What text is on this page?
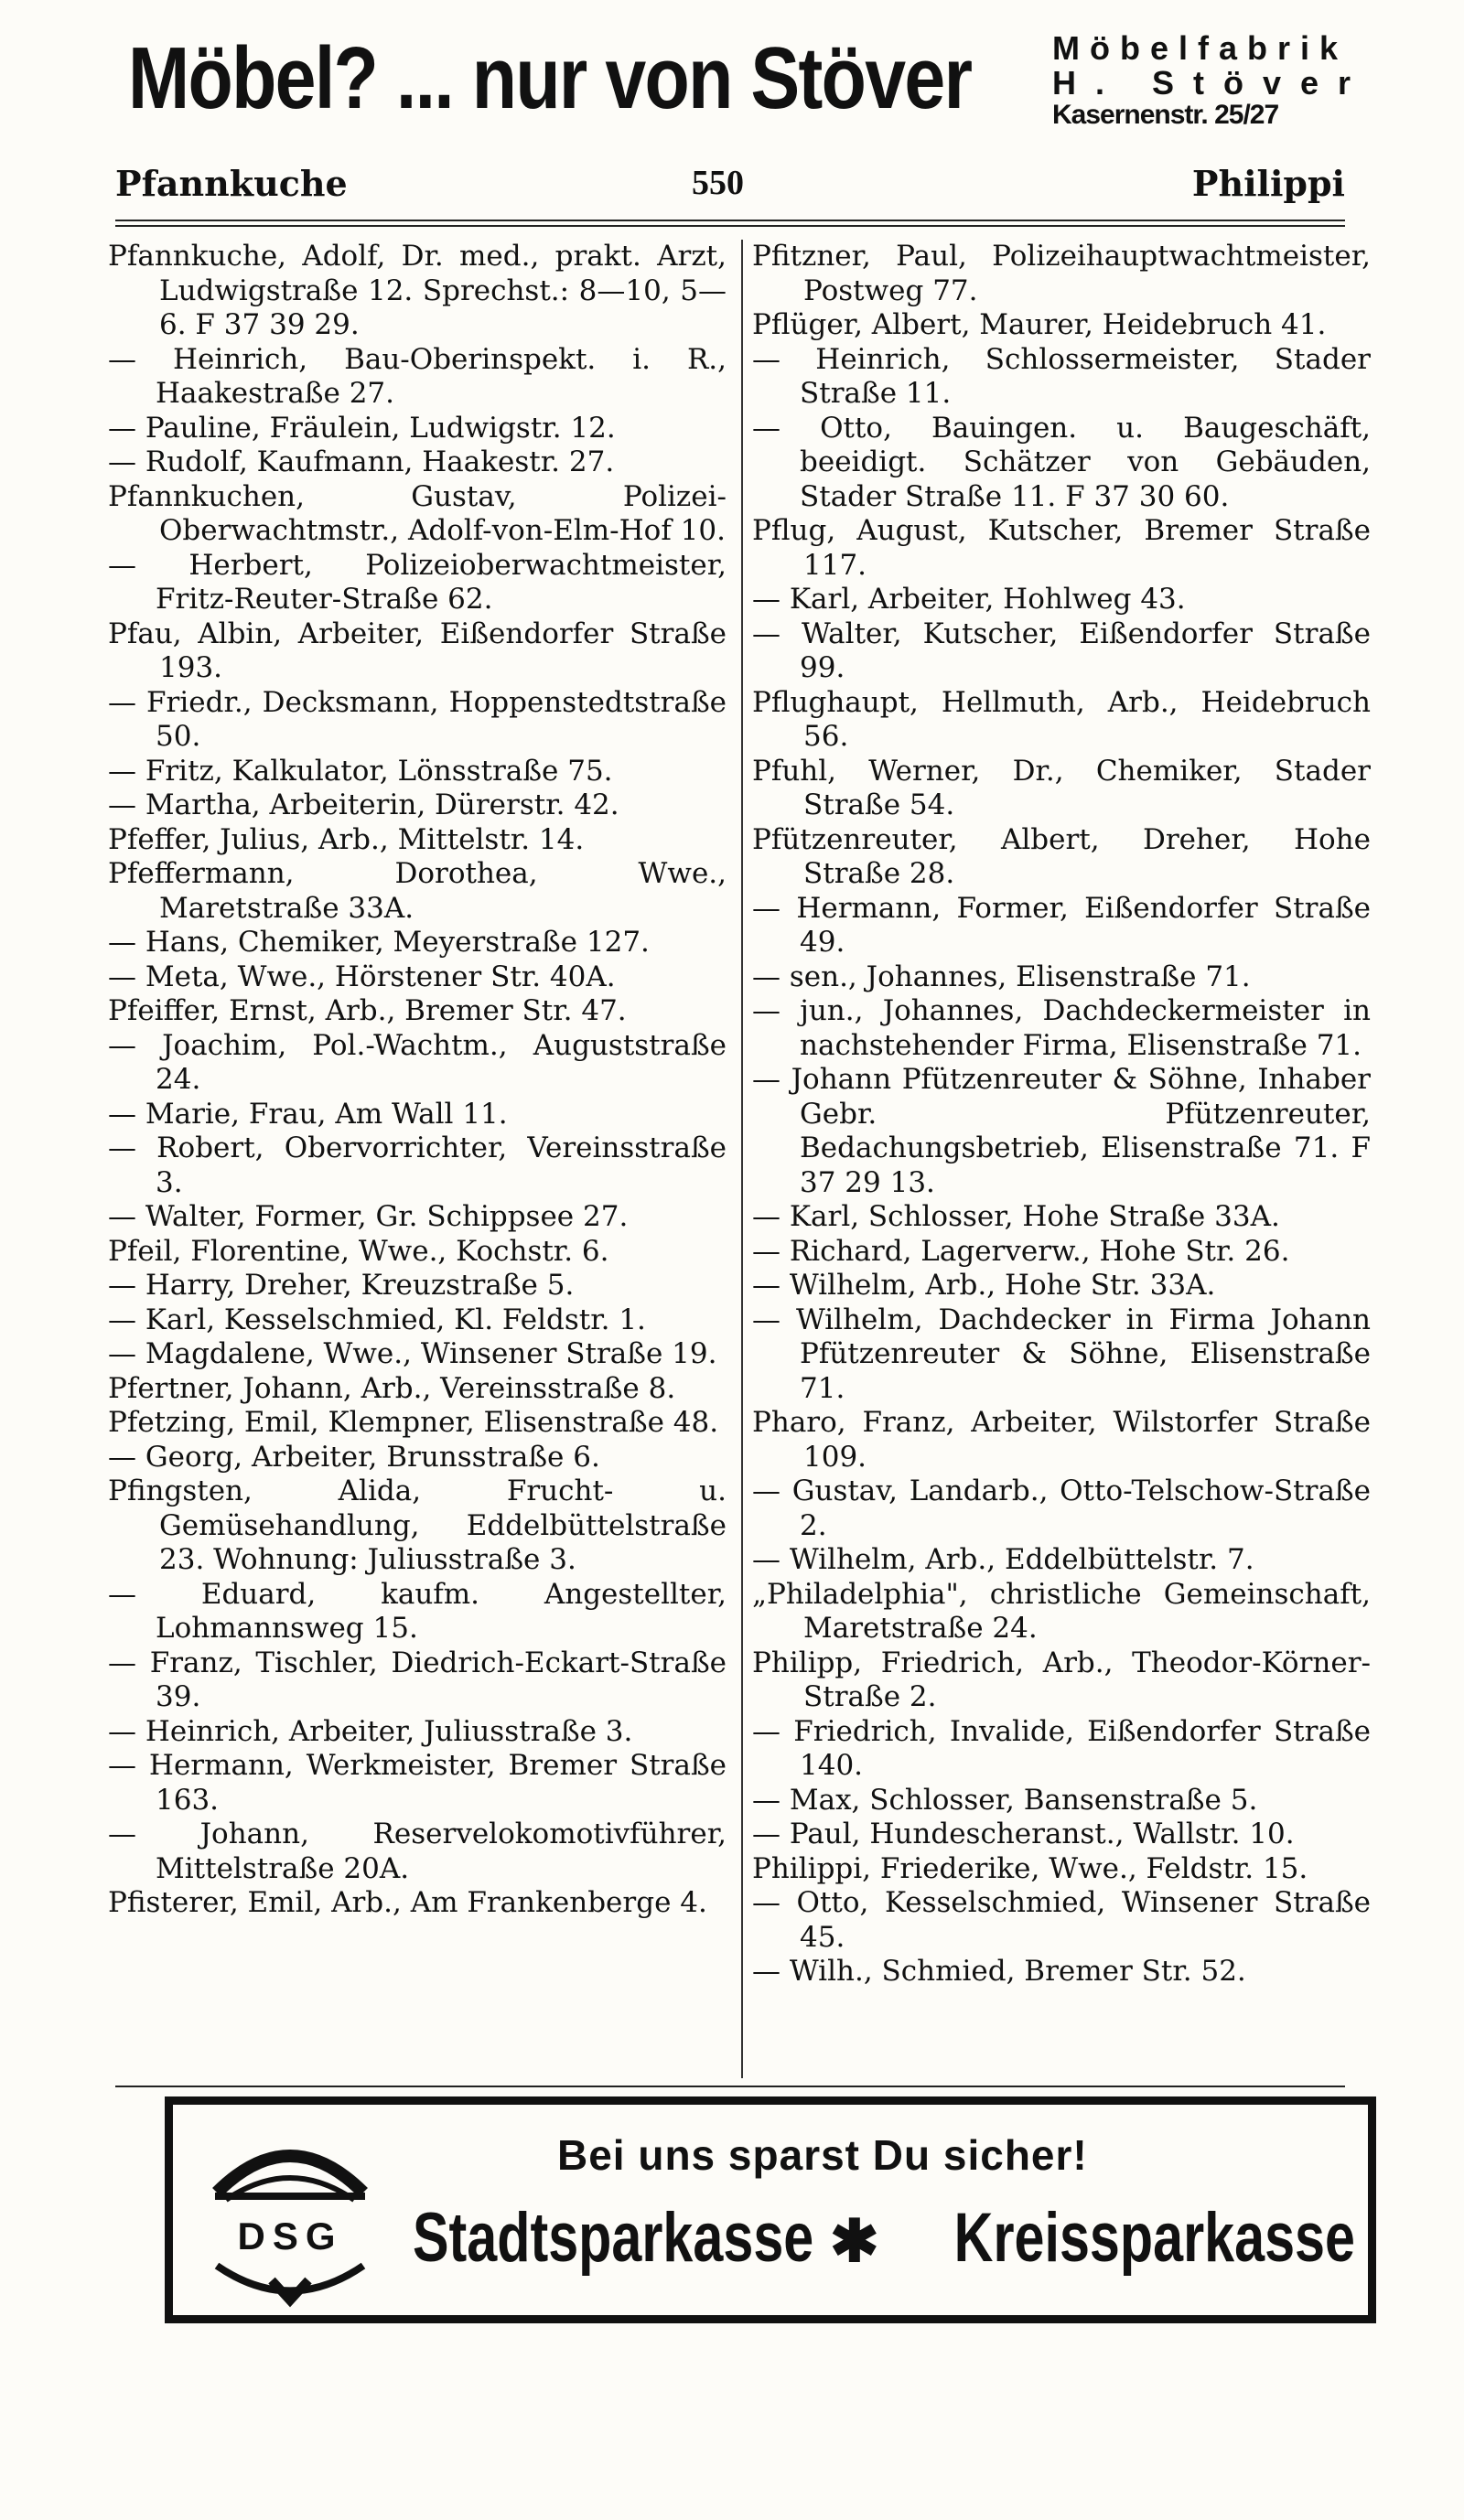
Möbel? ... nur von Stöver Möbelfabrik
H. Stöver
Kasernenstr. 25/27
Pfannkuche	550	Philippi
Pfannkuche, Adolf, Dr. med., prakt. Arzt, Ludwigstraße 12. Sprechst.: 8—10, 5—6. F 37 39 29.
— Heinrich, Bau-Oberinspekt. i. R., Haakestraße 27.
— Pauline, Fräulein, Ludwigstr. 12.
— Rudolf, Kaufmann, Haakestr. 27.
Pfannkuchen, Gustav, Polizei-Oberwachtmstr., Adolf-von-Elm-Hof 10.
— Herbert, Polizeioberwachtmeister, Fritz-Reuter-Straße 62.
Pfau, Albin, Arbeiter, Eißendorfer Straße 193.
— Friedr., Decksmann, Hoppenstedtstraße 50.
— Fritz, Kalkulator, Lönsstraße 75.
— Martha, Arbeiterin, Dürerstr. 42.
Pfeffer, Julius, Arb., Mittelstr. 14.
Pfeffermann, Dorothea, Wwe., Maretstraße 33A.
— Hans, Chemiker, Meyerstraße 127.
— Meta, Wwe., Hörstener Str. 40A.
Pfeiffer, Ernst, Arb., Bremer Str. 47.
— Joachim, Pol.-Wachtm., Auguststraße 24.
— Marie, Frau, Am Wall 11.
— Robert, Obervorrichter, Vereinsstraße 3.
— Walter, Former, Gr. Schippsee 27.
Pfeil, Florentine, Wwe., Kochstr. 6.
— Harry, Dreher, Kreuzstraße 5.
— Karl, Kesselschmied, Kl. Feldstr. 1.
— Magdalene, Wwe., Winsener Straße 19.
Pfertner, Johann, Arb., Vereinsstraße 8.
Pfetzing, Emil, Klempner, Elisenstraße 48.
— Georg, Arbeiter, Brunsstraße 6.
Pfingsten, Alida, Frucht- u. Gemüsehandlung, Eddelbüttelstraße 23. Wohnung: Juliusstraße 3.
— Eduard, kaufm. Angestellter, Lohmannsweg 15.
— Franz, Tischler, Diedrich-Eckart-Straße 39.
— Heinrich, Arbeiter, Juliusstraße 3.
— Hermann, Werkmeister, Bremer Straße 163.
— Johann, Reservelokomotivführer, Mittelstraße 20A.
Pfisterer, Emil, Arb., Am Frankenberge 4.
Pfitzner, Paul, Polizeihauptwachtmeister, Postweg 77.
Pflüger, Albert, Maurer, Heidebruch 41.
— Heinrich, Schlossermeister, Stader Straße 11.
— Otto, Bauingen. u. Baugeschäft, beeidigt. Schätzer von Gebäuden, Stader Straße 11. F 37 30 60.
Pflug, August, Kutscher, Bremer Straße 117.
— Karl, Arbeiter, Hohlweg 43.
— Walter, Kutscher, Eißendorfer Straße 99.
Pflughaupt, Hellmuth, Arb., Heidebruch 56.
Pfuhl, Werner, Dr., Chemiker, Stader Straße 54.
Pfützenreuter, Albert, Dreher, Hohe Straße 28.
— Hermann, Former, Eißendorfer Straße 49.
— sen., Johannes, Elisenstraße 71.
— jun., Johannes, Dachdeckermeister in nachstehender Firma, Elisenstraße 71.
— Johann Pfützenreuter & Söhne, Inhaber Gebr. Pfützenreuter, Bedachungsbetrieb, Elisenstraße 71. F 37 29 13.
— Karl, Schlosser, Hohe Straße 33A.
— Richard, Lagerverw., Hohe Str. 26.
— Wilhelm, Arb., Hohe Str. 33A.
— Wilhelm, Dachdecker in Firma Johann Pfützenreuter & Söhne, Elisenstraße 71.
Pharo, Franz, Arbeiter, Wilstorfer Straße 109.
— Gustav, Landarb., Otto-Telschow-Straße 2.
— Wilhelm, Arb., Eddelbüttelstr. 7.
„Philadelphia", christliche Gemeinschaft, Maretstraße 24.
Philipp, Friedrich, Arb., Theodor-Körner-Straße 2.
— Friedrich, Invalide, Eißendorfer Straße 140.
— Max, Schlosser, Bansenstraße 5.
— Paul, Hundescheranst., Wallstr. 10.
Philippi, Friederike, Wwe., Feldstr. 15.
— Otto, Kesselschmied, Winsener Straße 45.
— Wilh., Schmied, Bremer Str. 52.
DSG
Bei uns sparst Du sicher!
Stadtsparkasse ✱ Kreissparkasse
